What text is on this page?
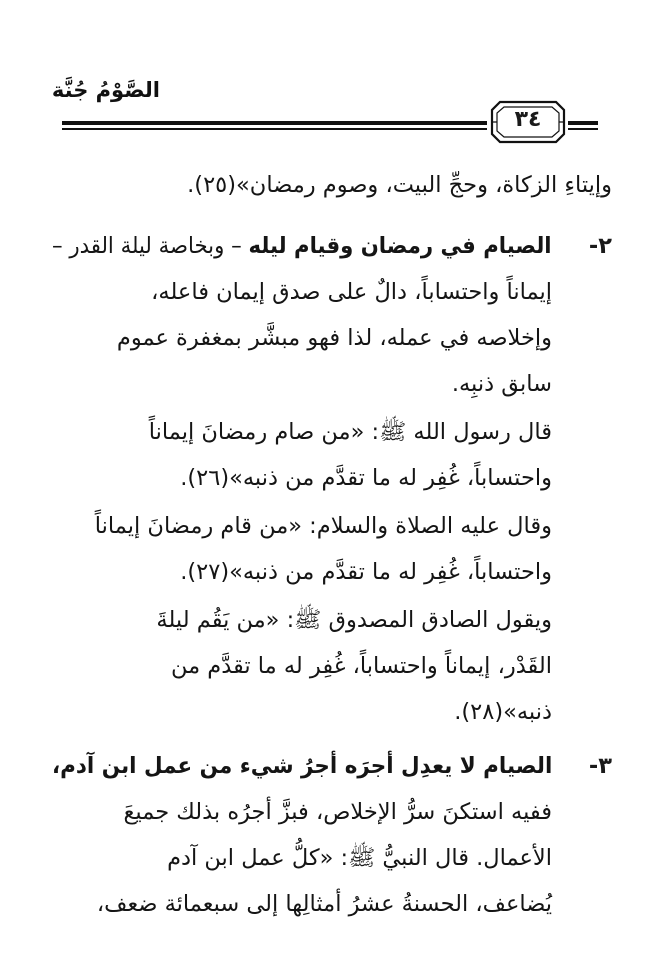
الصَّوْمُ جُنَّة
٣٤
وإيتاءِ الزكاة، وحجِّ البيت، وصوم رمضان»(٢٥).
٢-
الصيام في رمضان وقيام ليله – وبخاصة ليلة القدر –
إيماناً واحتساباً، دالٌ على صدق إيمان فاعله،
وإخلاصه في عمله، لذا فهو مبشَّر بمغفرة عموم
سابق ذنبِه.
قال رسول الله ﷺ: «من صام رمضانَ إيماناً
واحتساباً، غُفِر له ما تقدَّم من ذنبه»(٢٦).
وقال عليه الصلاة والسلام: «من قام رمضانَ إيماناً
واحتساباً، غُفِر له ما تقدَّم من ذنبه»(٢٧).
ويقول الصادق المصدوق ﷺ: «من يَقُم ليلةَ
القَدْر، إيماناً واحتساباً، غُفِر له ما تقدَّم من
ذنبه»(٢٨).
٣-
الصيام لا يعدِل أجرَه أجرُ شيء من عمل ابن آدم،
ففيه استكنَ سرُّ الإخلاص، فبزَّ أجرُه بذلك جميعَ
الأعمال. قال النبيُّ ﷺ: «كلُّ عمل ابن آدم
يُضاعف، الحسنةُ عشرُ أمثالِها إلى سبعمائة ضعف،
